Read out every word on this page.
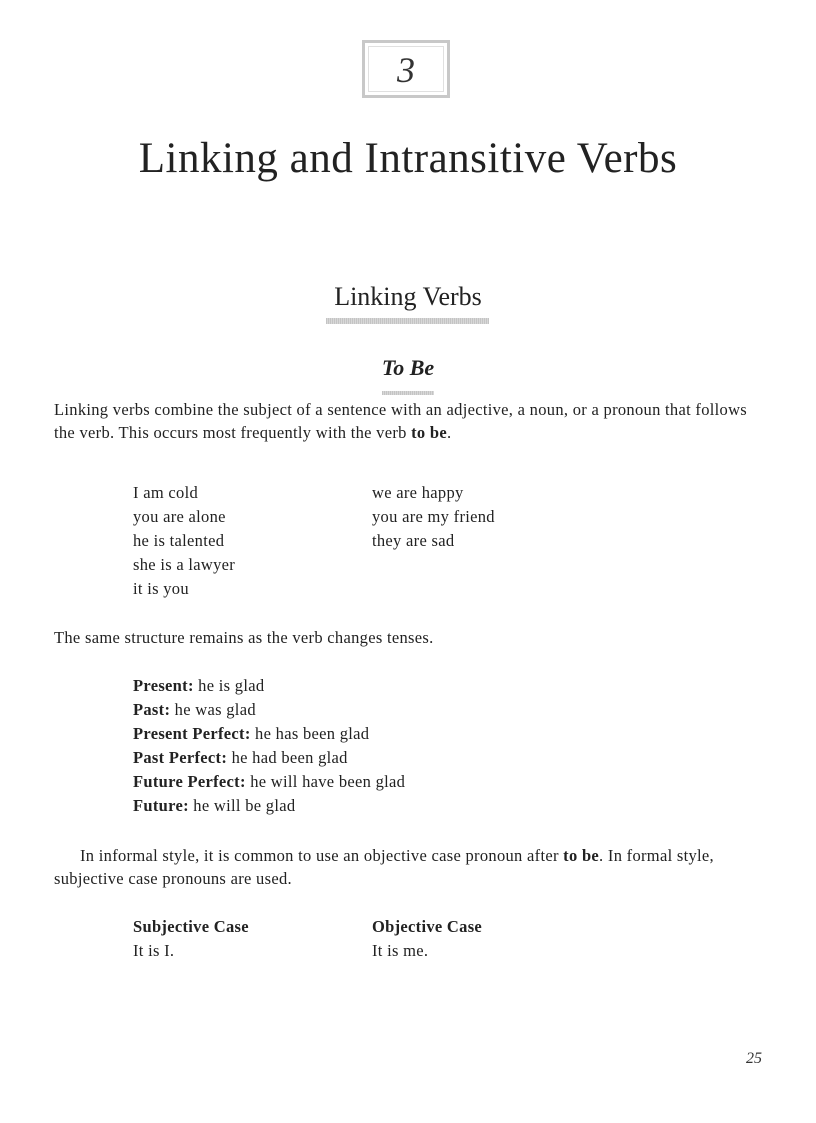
3
Linking and Intransitive Verbs
Linking Verbs
To Be

Linking verbs combine the subject of a sentence with an adjective, a noun, or a pronoun that follows the verb. This occurs most frequently with the verb to be.

I am cold
you are alone
he is talented
she is a lawyer
it is you
we are happy
you are my friend
they are sad

The same structure remains as the verb changes tenses.

Present: he is glad
Past: he was glad
Present Perfect: he has been glad
Past Perfect: he had been glad
Future Perfect: he will have been glad
Future: he will be glad

In informal style, it is common to use an objective case pronoun after to be. In formal style, subjective case pronouns are used.

Subjective Case
It is I.
Objective Case
It is me.
25
